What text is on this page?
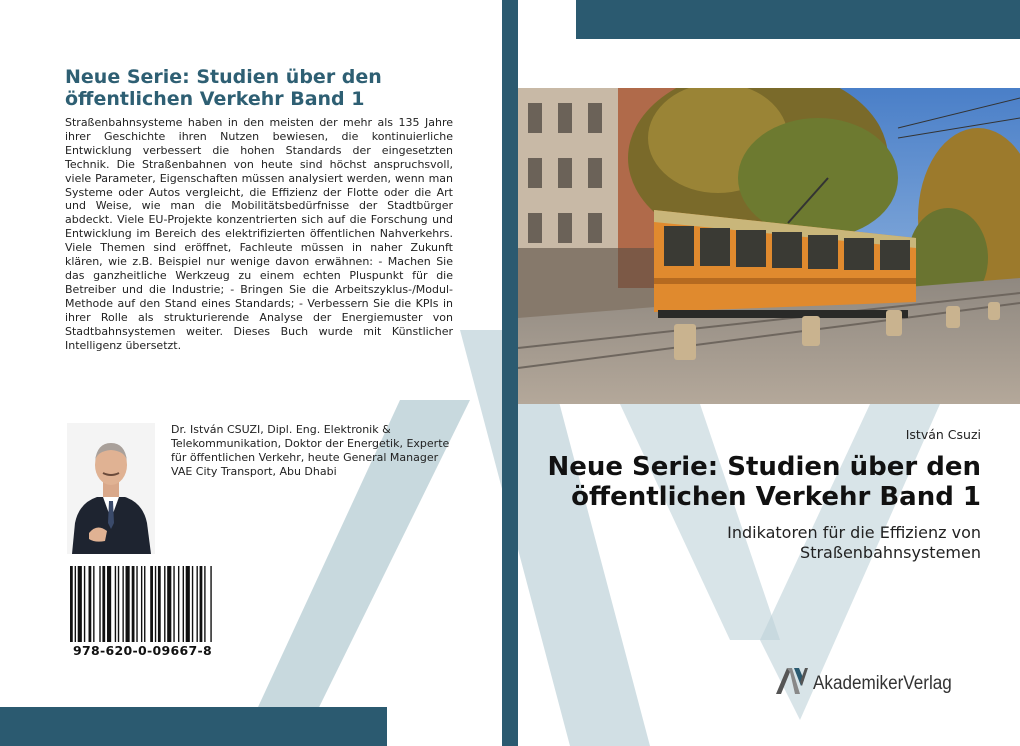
Neue Serie: Studien über den öffentlichen Verkehr Band 1
Straßenbahnsysteme haben in den meisten der mehr als 135 Jahre ihrer Geschichte ihren Nutzen bewiesen, die kontinuierliche Entwicklung verbessert die hohen Standards der eingesetzten Technik. Die Straßenbahnen von heute sind höchst anspruchsvoll, viele Parameter, Eigenschaften müssen analysiert werden, wenn man Systeme oder Autos vergleicht, die Effizienz der Flotte oder die Art und Weise, wie man die Mobilitätsbedürfnisse der Stadtbürger abdeckt. Viele EU-Projekte konzentrierten sich auf die Forschung und Entwicklung im Bereich des elektrifizierten öffentlichen Nahverkehrs. Viele Themen sind eröffnet, Fachleute müssen in naher Zukunft klären, wie z.B. Beispiel nur wenige davon erwähnen: - Machen Sie das ganzheitliche Werkzeug zu einem echten Pluspunkt für die Betreiber und die Industrie; - Bringen Sie die Arbeitszyklus-/Modul-Methode auf den Stand eines Standards; - Verbessern Sie die KPIs in ihrer Rolle als strukturierende Analyse der Energiemuster von Stadtbahnsystemen weiter. Dieses Buch wurde mit Künstlicher Intelligenz übersetzt.
Dr. István CSUZI, Dipl. Eng. Elektronik & Telekommunikation, Doktor der Energetik, Experte für öffentlichen Verkehr, heute General Manager VAE City Transport, Abu Dhabi
978-620-0-09667-8
István Csuzi
Neue Serie: Studien über den öffentlichen Verkehr Band 1
Indikatoren für die Effizienz von Straßenbahnsystemen
AkademikerVerlag
